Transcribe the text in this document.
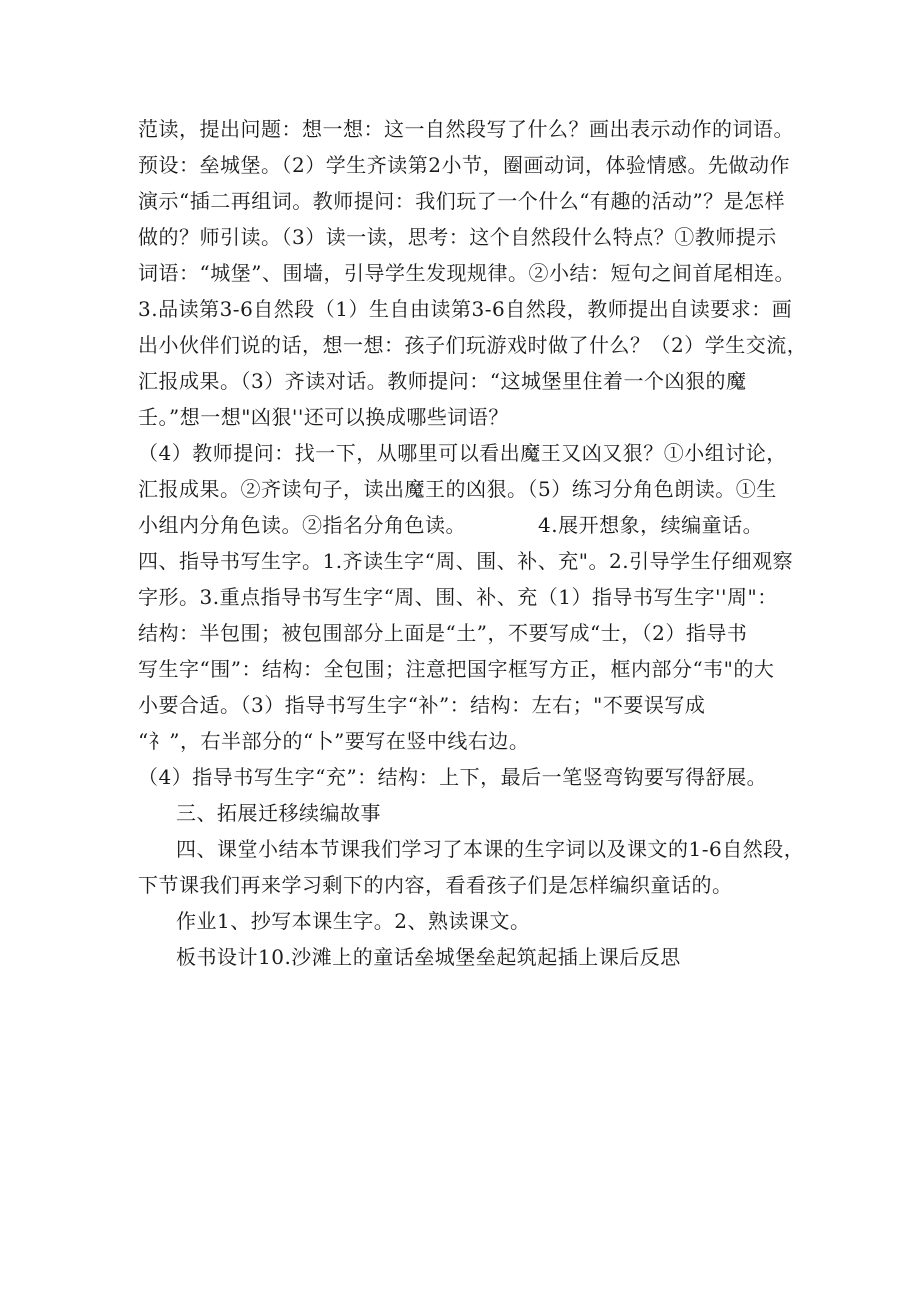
范读，提出问题：想一想：这一自然段写了什么？画出表示动作的词语。
预设：垒城堡。（2）学生齐读第2小节，圈画动词，体验情感。先做动作
演示“插二再组词。教师提问：我们玩了一个什么“有趣的活动”？是怎样
做的？师引读。（3）读一读，思考：这个自然段什么特点？①教师提示
词语：“城堡”、围墙，引导学生发现规律。②小结：短句之间首尾相连。
3.品读第3-6自然段（1）生自由读第3-6自然段，教师提出自读要求：画
出小伙伴们说的话，想一想：孩子们玩游戏时做了什么？（2）学生交流，
汇报成果。（3）齐读对话。教师提问：“这城堡里住着一个凶狠的魔
壬。”想一想"凶狠''还可以换成哪些词语？
（4）教师提问：找一下，从哪里可以看出魔王又凶又狠？①小组讨论，
汇报成果。②齐读句子，读出魔王的凶狠。（5）练习分角色朗读。①生
小组内分角色读。②指名分角色读。　　　　4.展开想象，续编童话。
四、指导书写生字。1.齐读生字“周、围、补、充"。2.引导学生仔细观察
字形。3.重点指导书写生字“周、围、补、充（1）指导书写生字''周"：
结构：半包围；被包围部分上面是“土”，不要写成“士，（2）指导书
写生字“围”：结构：全包围；注意把国字框写方正，框内部分“韦"的大
小要合适。（3）指导书写生字“补”：结构：左右；"不要误写成
“礻”，右半部分的“卜”要写在竖中线右边。
（4）指导书写生字“充”：结构：上下，最后一笔竖弯钩要写得舒展。
三、拓展迁移续编故事
四、课堂小结本节课我们学习了本课的生字词以及课文的1-6自然段，
下节课我们再来学习剩下的内容，看看孩子们是怎样编织童话的。
作业1、抄写本课生字。2、熟读课文。
板书设计10.沙滩上的童话垒城堡垒起筑起插上课后反思
